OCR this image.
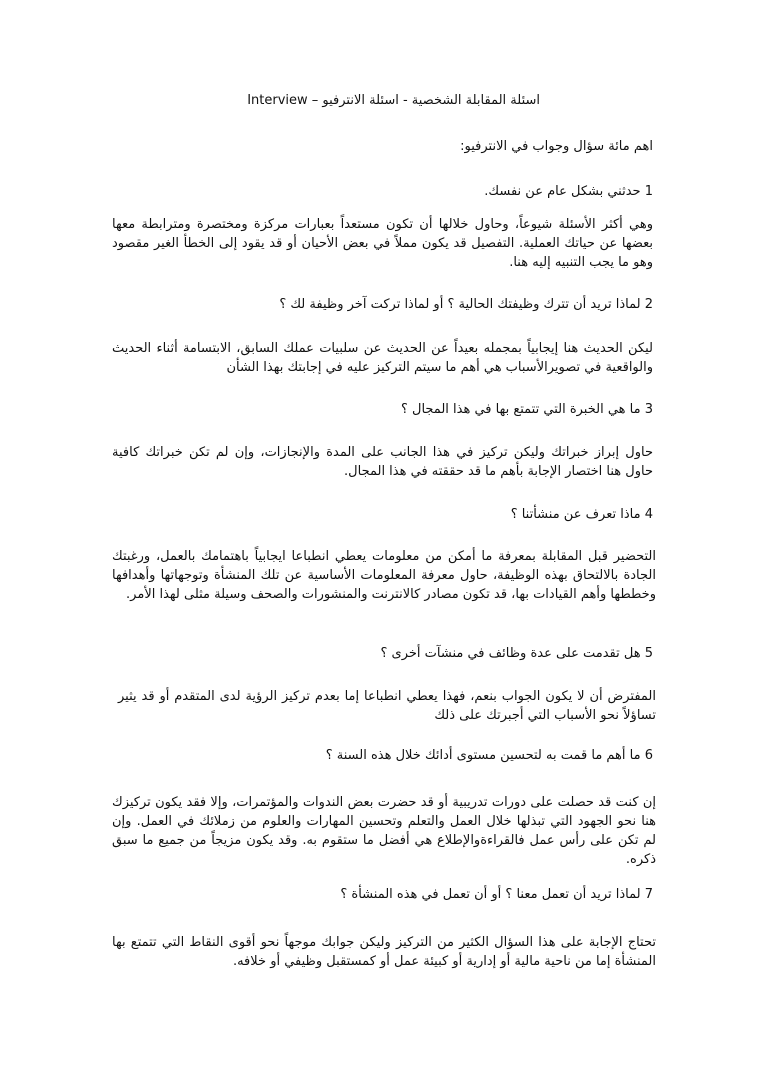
اسئلة المقابلة الشخصية - اسئلة الانترفيو – Interview
اهم مائة سؤال وجواب في الانترفيو:
1 حدثني بشكل عام عن نفسك.
وهي أكثر الأسئلة شيوعاً، وحاول خلالها أن تكون مستعداً بعبارات مركزة ومختصرة ومترابطة معها بعضها عن حياتك العملية. التفصيل قد يكون مملاً في بعض الأحيان أو قد يقود إلى الخطأ الغير مقصود وهو ما يجب التنبيه إليه هنا.
2 لماذا تريد أن تترك وظيفتك الحالية ؟ أو لماذا تركت آخر وظيفة لك ؟
ليكن الحديث هنا إيجابياً بمجمله بعيداً عن الحديث عن سلبيات عملك السابق، الابتسامة أثناء الحديث والواقعية في تصويرالأسباب هي أهم ما سيتم التركيز عليه في إجابتك بهذا الشأن
3 ما هي الخبرة التي تتمتع بها في هذا المجال ؟
حاول إبراز خبراتك وليكن تركيز في هذا الجانب على المدة والإنجازات، وإن لم تكن خبراتك كافية حاول هنا اختصار الإجابة بأهم ما قد حققته في هذا المجال.
4 ماذا تعرف عن منشأتنا ؟
التحضير قبل المقابلة بمعرفة ما أمكن من معلومات يعطي انطباعا ايجابياً باهتمامك بالعمل، ورغبتك الجادة بالالتحاق بهذه الوظيفة، حاول معرفة المعلومات الأساسية عن تلك المنشأة وتوجهاتها وأهدافها وخططها وأهم القيادات بها، قد تكون مصادر كالانترنت والمنشورات والصحف وسيلة مثلى لهذا الأمر.
5 هل تقدمت على عدة وظائف في منشآت أخرى ؟
المفترض أن لا يكون الجواب بنعم، فهذا يعطي انطباعا إما بعدم تركيز الرؤية لدى المتقدم أو قد يثير تساؤلاً نحو الأسباب التي أجبرتك على ذلك
6 ما أهم ما قمت به لتحسين مستوى أدائك خلال هذه السنة ؟
إن كنت قد حصلت على دورات تدريبية أو قد حضرت بعض الندوات والمؤتمرات، وإلا فقد يكون تركيزك هنا نحو الجهود التي تبذلها خلال العمل والتعلم وتحسين المهارات والعلوم من زملائك في العمل. وإن لم تكن على رأس عمل فالقراءةوالإطلاع هي أفضل ما ستقوم به. وقد يكون مزيجاً من جميع ما سبق ذكره.
7 لماذا تريد أن تعمل معنا ؟ أو أن تعمل في هذه المنشأة ؟
تحتاج الإجابة على هذا السؤال الكثير من التركيز وليكن جوابك موجهاً نحو أقوى النقاط التي تتمتع بها المنشأة إما من ناحية مالية أو إدارية أو كبيئة عمل أو كمستقبل وظيفي أو خلافه.
